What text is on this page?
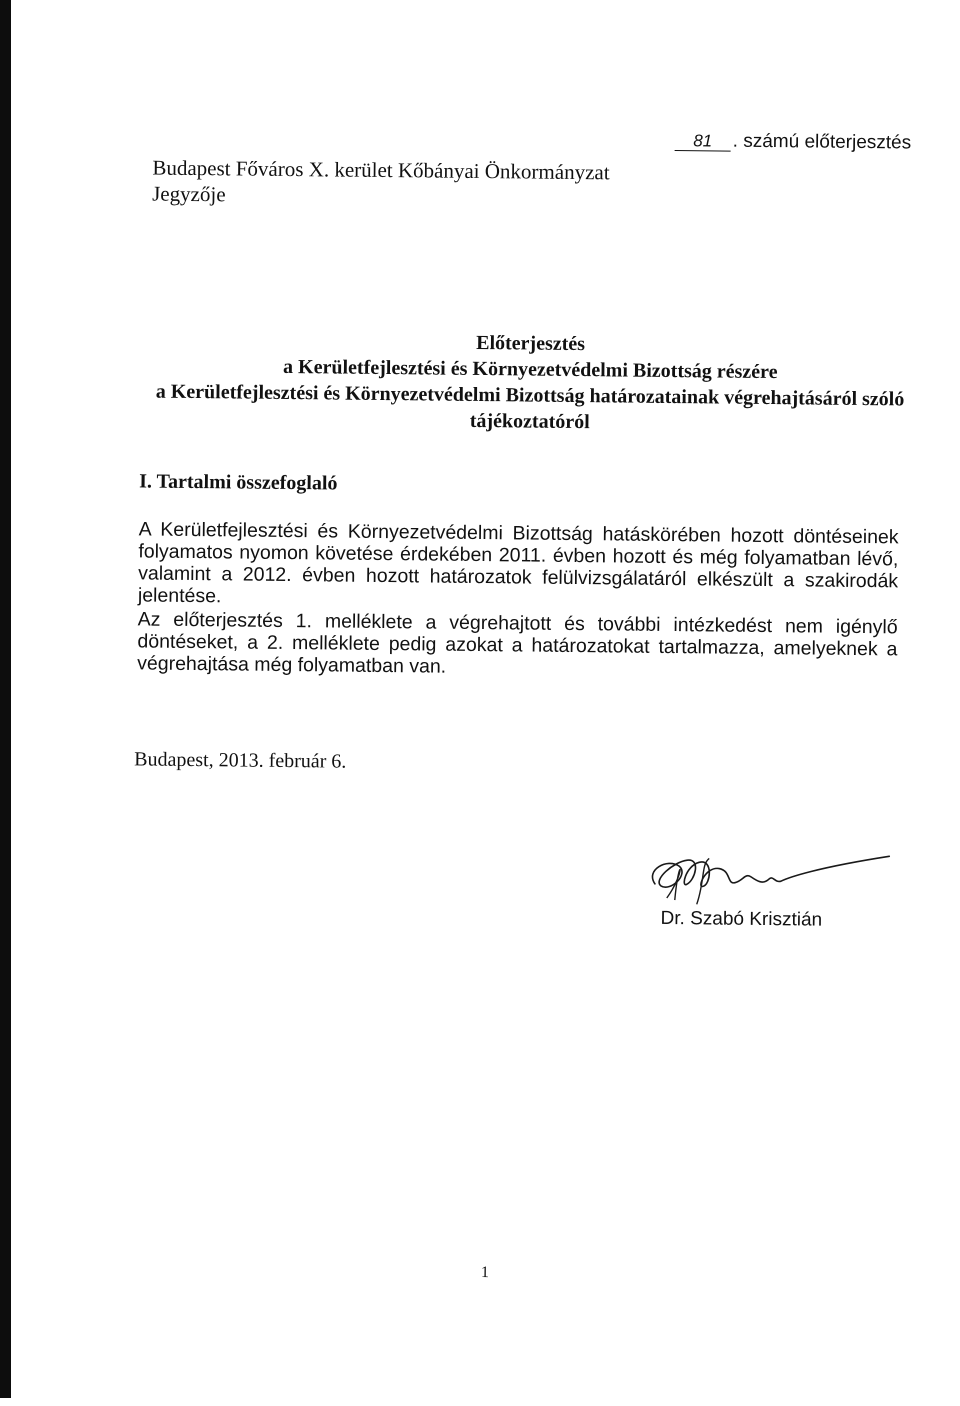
81 . számú előterjesztés
Budapest Főváros X. kerület Kőbányai Önkormányzat
Jegyzője
Előterjesztés
a Kerületfejlesztési és Környezetvédelmi Bizottság részére
a Kerületfejlesztési és Környezetvédelmi Bizottság határozatainak végrehajtásáról szóló
tájékoztatóról
I. Tartalmi összefoglaló
A Kerületfejlesztési és Környezetvédelmi Bizottság hatáskörében hozott döntéseinek folyamatos nyomon követése érdekében 2011. évben hozott és még folyamatban lévő, valamint a 2012. évben hozott határozatok felülvizsgálatáról elkészült a szakirodák jelentése.
Az előterjesztés 1. melléklete a végrehajtott és további intézkedést nem igénylő döntéseket, a 2. melléklete pedig azokat a határozatokat tartalmazza, amelyeknek a végrehajtása még folyamatban van.
Budapest, 2013. február 6.
Dr. Szabó Krisztián
1
